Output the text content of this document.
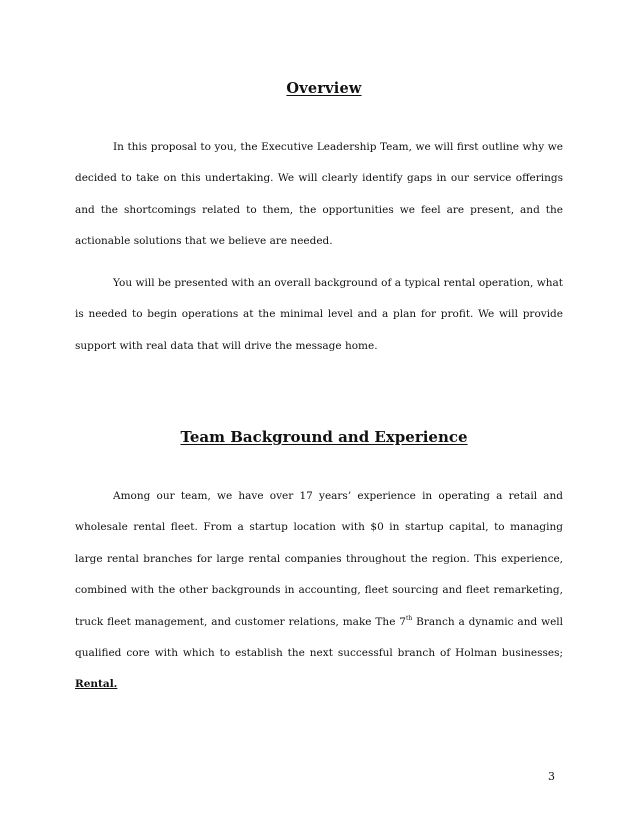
Overview

In this proposal to you, the Executive Leadership Team, we will first outline why we decided to take on this undertaking. We will clearly identify gaps in our service offerings and the shortcomings related to them, the opportunities we feel are present, and the actionable solutions that we believe are needed.

You will be presented with an overall background of a typical rental operation, what is needed to begin operations at the minimal level and a plan for profit. We will provide support with real data that will drive the message home.

Team Background and Experience

Among our team, we have over 17 years’ experience in operating a retail and wholesale rental fleet. From a startup location with $0 in startup capital, to managing large rental branches for large rental companies throughout the region. This experience, combined with the other backgrounds in accounting, fleet sourcing and fleet remarketing, truck fleet management, and customer relations, make The 7th Branch a dynamic and well qualified core with which to establish the next successful branch of Holman businesses; Rental.

3
